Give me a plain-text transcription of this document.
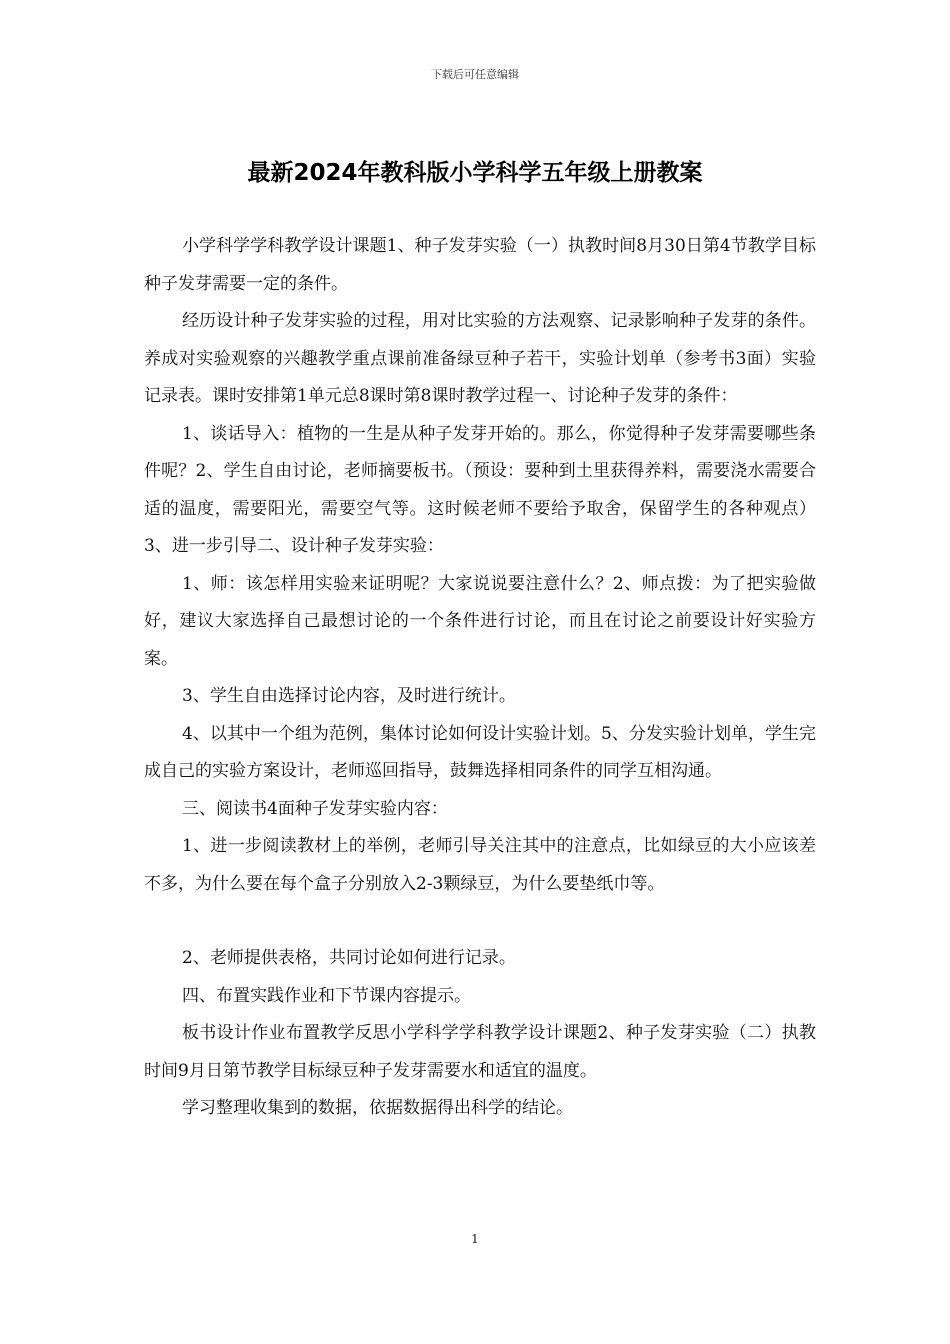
下载后可任意编辑
最新2024年教科版小学科学五年级上册教案

小学科学学科教学设计课题1、种子发芽实验（一）执教时间8月30日第4节教学目标种子发芽需要一定的条件。

经历设计种子发芽实验的过程，用对比实验的方法观察、记录影响种子发芽的条件。养成对实验观察的兴趣教学重点课前准备绿豆种子若干，实验计划单（参考书3面）实验记录表。课时安排第1单元总8课时第8课时教学过程一、讨论种子发芽的条件：

1、谈话导入：植物的一生是从种子发芽开始的。那么，你觉得种子发芽需要哪些条件呢？2、学生自由讨论，老师摘要板书。（预设：要种到土里获得养料，需要浇水需要合适的温度，需要阳光，需要空气等。这时候老师不要给予取舍，保留学生的各种观点）3、进一步引导二、设计种子发芽实验：

1、师：该怎样用实验来证明呢？大家说说要注意什么？2、师点拨：为了把实验做好，建议大家选择自己最想讨论的一个条件进行讨论，而且在讨论之前要设计好实验方案。

3、学生自由选择讨论内容，及时进行统计。

4、以其中一个组为范例，集体讨论如何设计实验计划。5、分发实验计划单，学生完成自己的实验方案设计，老师巡回指导，鼓舞选择相同条件的同学互相沟通。

三、阅读书4面种子发芽实验内容：

1、进一步阅读教材上的举例，老师引导关注其中的注意点，比如绿豆的大小应该差不多，为什么要在每个盒子分别放入2-3颗绿豆，为什么要垫纸巾等。

2、老师提供表格，共同讨论如何进行记录。

四、布置实践作业和下节课内容提示。

板书设计作业布置教学反思小学科学学科教学设计课题2、种子发芽实验（二）执教时间9月日第节教学目标绿豆种子发芽需要水和适宜的温度。

学习整理收集到的数据，依据数据得出科学的结论。

1
